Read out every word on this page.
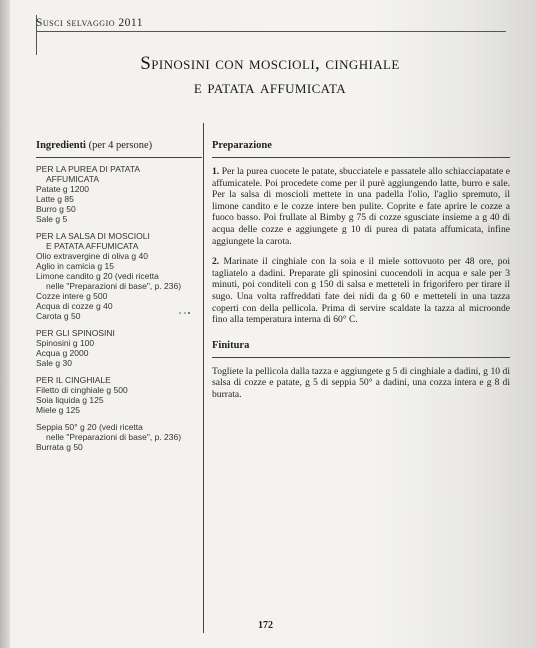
Susci selvaggio 2011
Spinosini con moscioli, cinghiale
e patata affumicata
Ingredienti (per 4 persone)
PER LA PUREA DI PATATA
AFFUMICATA
Patate g 1200
Latte g 85
Burro g 50
Sale g 5
PER LA SALSA DI MOSCIOLI
E PATATA AFFUMICATA
Olio extravergine di oliva g 40
Aglio in camicia g 15
Limone candito g 20 (vedi ricetta
nelle "Preparazioni di base", p. 236)
Cozze intere g 500
Acqua di cozze g 40
Carota g 50
PER GLI SPINOSINI
Spinosini g 100
Acqua g 2000
Sale g 30
PER IL CINGHIALE
Filetto di cinghiale g 500
Soia liquida g 125
Miele g 125
Seppia 50° g 20 (vedi ricetta
nelle "Preparazioni di base", p. 236)
Burrata g 50
Preparazione

1. Per la purea cuocete le patate, sbucciatele e passatele allo schiacciapatate e affumicatele. Poi procedete come per il purè aggiungendo latte, burro e sale. Per la salsa di moscioli mettete in una padella l'olio, l'aglio spremuto, il limone candito e le cozze intere ben pulite. Coprite e fate aprire le cozze a fuoco basso. Poi frullate al Bimby g 75 di cozze sgusciate insieme a g 40 di acqua delle cozze e aggiungete g 10 di purea di patata affumicata, infine aggiungete la carota.

2. Marinate il cinghiale con la soia e il miele sottovuoto per 48 ore, poi tagliatelo a dadini. Preparate gli spinosini cuocendoli in acqua e sale per 3 minuti, poi conditeli con g 150 di salsa e metteteli in frigorifero per tirare il sugo. Una volta raffreddati fate dei nidi da g 60 e metteteli in una tazza coperti con della pellicola. Prima di servire scaldate la tazza al microonde fino alla temperatura interna di 60° C.

Finitura

Togliete la pellicola dalla tazza e aggiungete g 5 di cinghiale a dadini, g 10 di salsa di cozze e patate, g 5 di seppia 50° a dadini, una cozza intera e g 8 di burrata.

172
